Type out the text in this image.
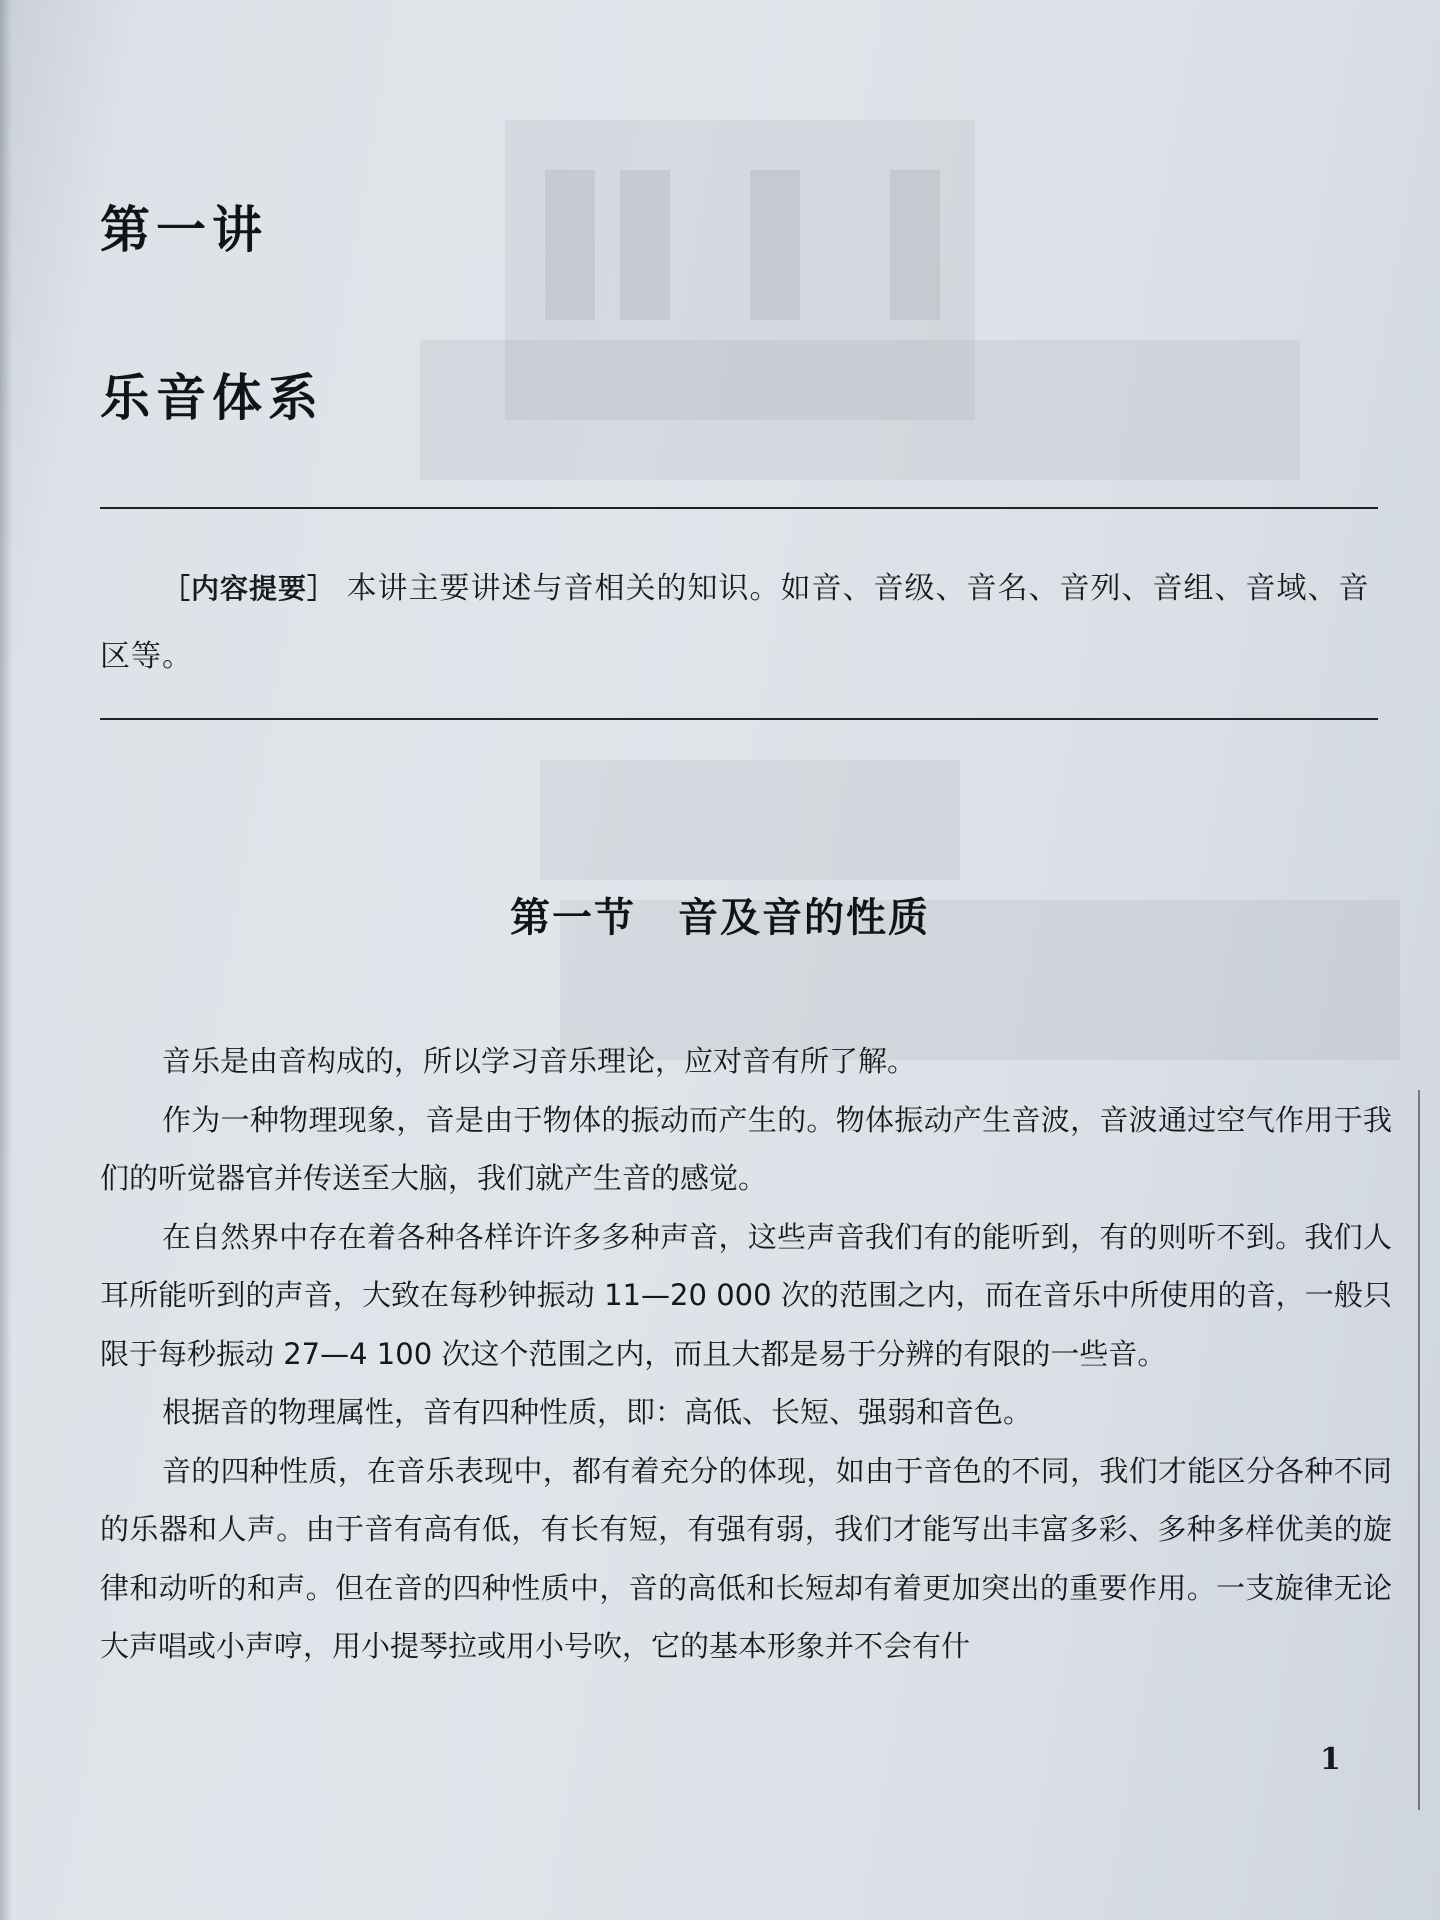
第一讲
乐音体系
［内容提要］ 本讲主要讲述与音相关的知识。如音、音级、音名、音列、音组、音域、音区等。
第一节　音及音的性质

音乐是由音构成的，所以学习音乐理论，应对音有所了解。

作为一种物理现象，音是由于物体的振动而产生的。物体振动产生音波，音波通过空气作用于我们的听觉器官并传送至大脑，我们就产生音的感觉。

在自然界中存在着各种各样许许多多种声音，这些声音我们有的能听到，有的则听不到。我们人耳所能听到的声音，大致在每秒钟振动 11—20 000 次的范围之内，而在音乐中所使用的音，一般只限于每秒振动 27—4 100 次这个范围之内，而且大都是易于分辨的有限的一些音。

根据音的物理属性，音有四种性质，即：高低、长短、强弱和音色。

音的四种性质，在音乐表现中，都有着充分的体现，如由于音色的不同，我们才能区分各种不同的乐器和人声。由于音有高有低，有长有短，有强有弱，我们才能写出丰富多彩、多种多样优美的旋律和动听的和声。但在音的四种性质中，音的高低和长短却有着更加突出的重要作用。一支旋律无论大声唱或小声哼，用小提琴拉或用小号吹，它的基本形象并不会有什

1
